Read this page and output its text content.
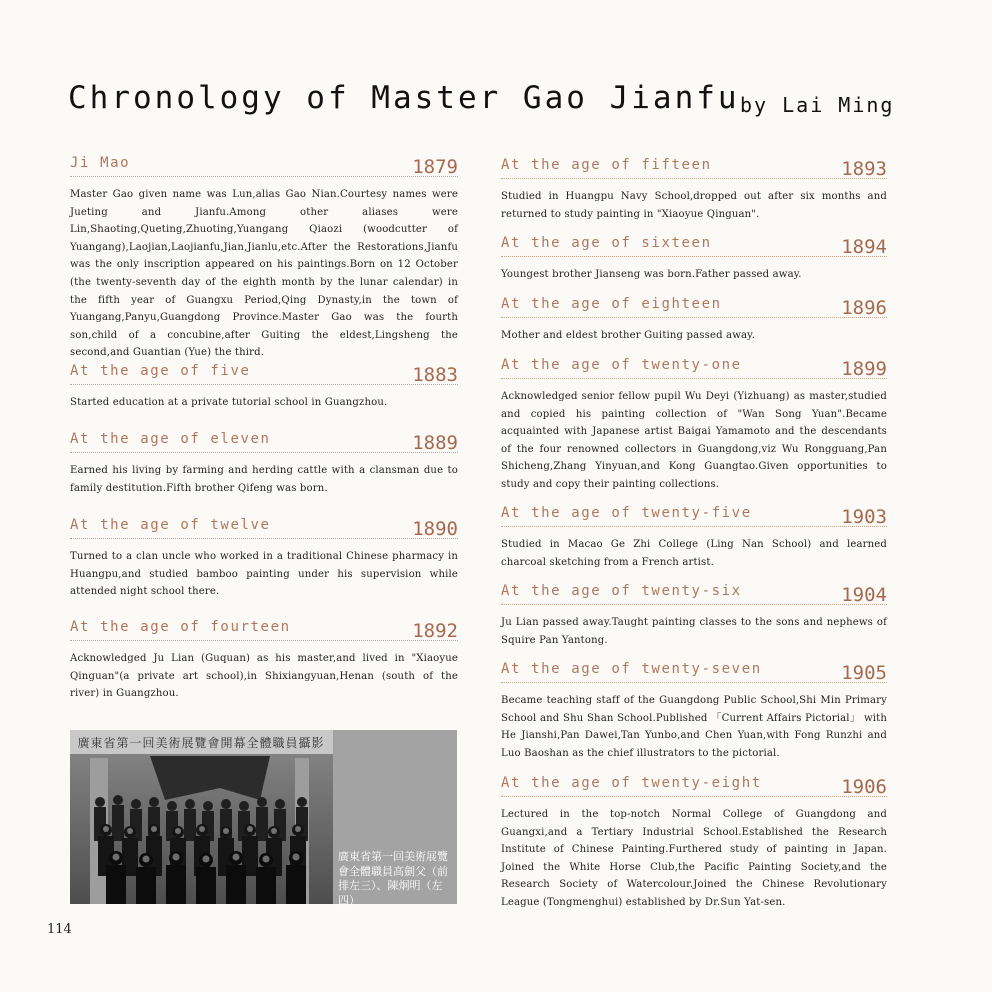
Chronology of Master Gao Jianfu by Lai Ming
Ji Mao	1879
Master Gao given name was Lun,alias Gao Nian.Courtesy names were Jueting and Jianfu.Among other aliases were Lin,Shaoting,Queting,Zhuoting,Yuangang Qiaozi (woodcutter of Yuangang),Laojian,Laojianfu,Jian,Jianlu,etc.After the Restorations,Jianfu was the only inscription appeared on his paintings.Born on 12 October (the twenty-seventh day of the eighth month by the lunar calendar) in the fifth year of Guangxu Period,Qing Dynasty,in the town of Yuangang,Panyu,Guangdong Province.Master Gao was the fourth son,child of a concubine,after Guiting the eldest,Lingsheng the second,and Guantian (Yue) the third.
At the age of five	1883
Started education at a private tutorial school in Guangzhou.
At the age of eleven	1889
Earned his living by farming and herding cattle with a clansman due to family destitution.Fifth brother Qifeng was born.
At the age of twelve	1890
Turned to a clan uncle who worked in a traditional Chinese pharmacy in Huangpu,and studied bamboo painting under his supervision while attended night school there.
At the age of fourteen	1892
Acknowledged Ju Lian (Guquan) as his master,and lived in "Xiaoyue Qinguan"(a private art school),in Shixiangyuan,Henan (south of the river) in Guangzhou.
At the age of fifteen	1893
Studied in Huangpu Navy School,dropped out after six months and returned to study painting in "Xiaoyue Qinguan".
At the age of sixteen	1894
Youngest brother Jianseng was born.Father passed away.
At the age of eighteen	1896
Mother and eldest brother Guiting passed away.
At the age of twenty-one	1899
Acknowledged senior fellow pupil Wu Deyi (Yizhuang) as master,studied and copied his painting collection of "Wan Song Yuan".Became acquainted with Japanese artist Baigai Yamamoto and the descendants of the four renowned collectors in Guangdong,viz Wu Rongguang,Pan Shicheng,Zhang Yinyuan,and Kong Guangtao.Given opportunities to study and copy their painting collections.
At the age of twenty-five	1903
Studied in Macao Ge Zhi College (Ling Nan School) and learned charcoal sketching from a French artist.
At the age of twenty-six	1904
Ju Lian passed away.Taught painting classes to the sons and nephews of Squire Pan Yantong.
At the age of twenty-seven	1905
Became teaching staff of the Guangdong Public School,Shi Min Primary School and Shu Shan School.Published 「Current Affairs Pictorial」 with He Jianshi,Pan Dawei,Tan Yunbo,and Chen Yuan,with Fong Runzhi and Luo Baoshan as the chief illustrators to the pictorial.
At the age of twenty-eight	1906
Lectured in the top-notch Normal College of Guangdong and Guangxi,and a Tertiary Industrial School.Established the Research Institute of Chinese Painting.Furthered study of painting in Japan. Joined the White Horse Club,the Pacific Painting Society,and the Research Society of Watercolour.Joined the Chinese Revolutionary League (Tongmenghui) established by Dr.Sun Yat-sen.
廣東省第一回美術展覽會開幕全體職員攝影
廣東省第一回美術展覽會全體職員高劍父（前排左三）、陳炯明（左四）
114
